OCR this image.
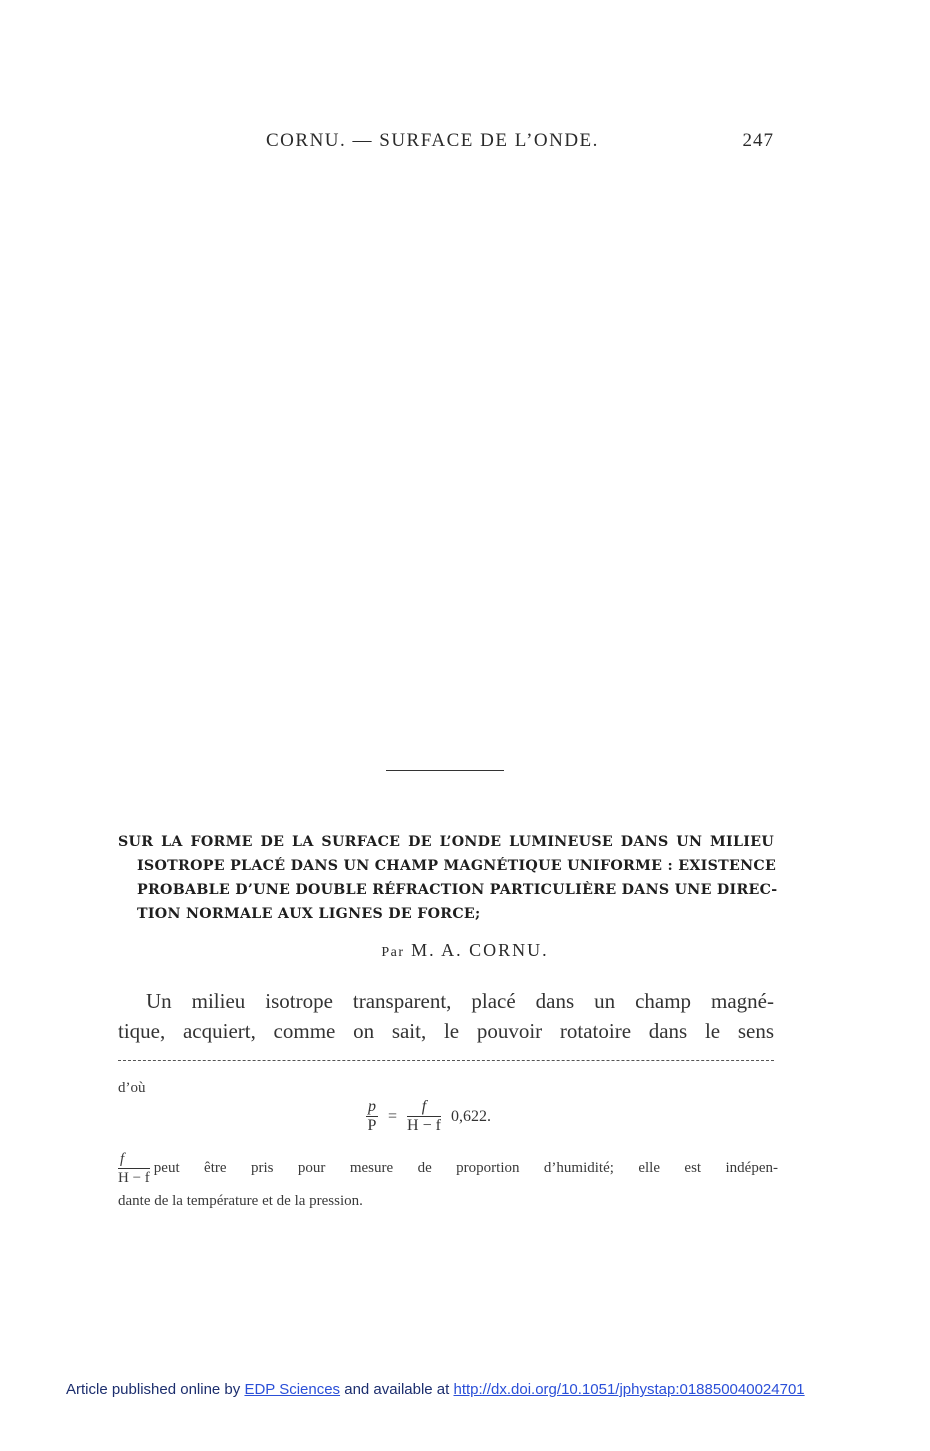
CORNU. — SURFACE DE L’ONDE.	247
SUR LA FORME DE LA SURFACE DE L’ONDE LUMINEUSE DANS UN MILIEU
ISOTROPE PLACÉ DANS UN CHAMP MAGNÉTIQUE UNIFORME : EXISTENCE
PROBABLE D’UNE DOUBLE RÉFRACTION PARTICULIÈRE DANS UNE DIREC-
TION NORMALE AUX LIGNES DE FORCE;
Par M. A. CORNU.
Un milieu isotrope transparent, placé dans un champ magné-
tique, acquiert, comme on sait, le pouvoir rotatoire dans le sens
d’où
$\frac{p}{P} = \frac{f}{H - f} 0,622$.
$\frac{f}{H - f}$ peut être pris pour mesure de proportion d’humidité; elle est indépen-
dante de la température et de la pression.
Article published online by EDP Sciences and available at http://dx.doi.org/10.1051/jphystap:018850040024701
